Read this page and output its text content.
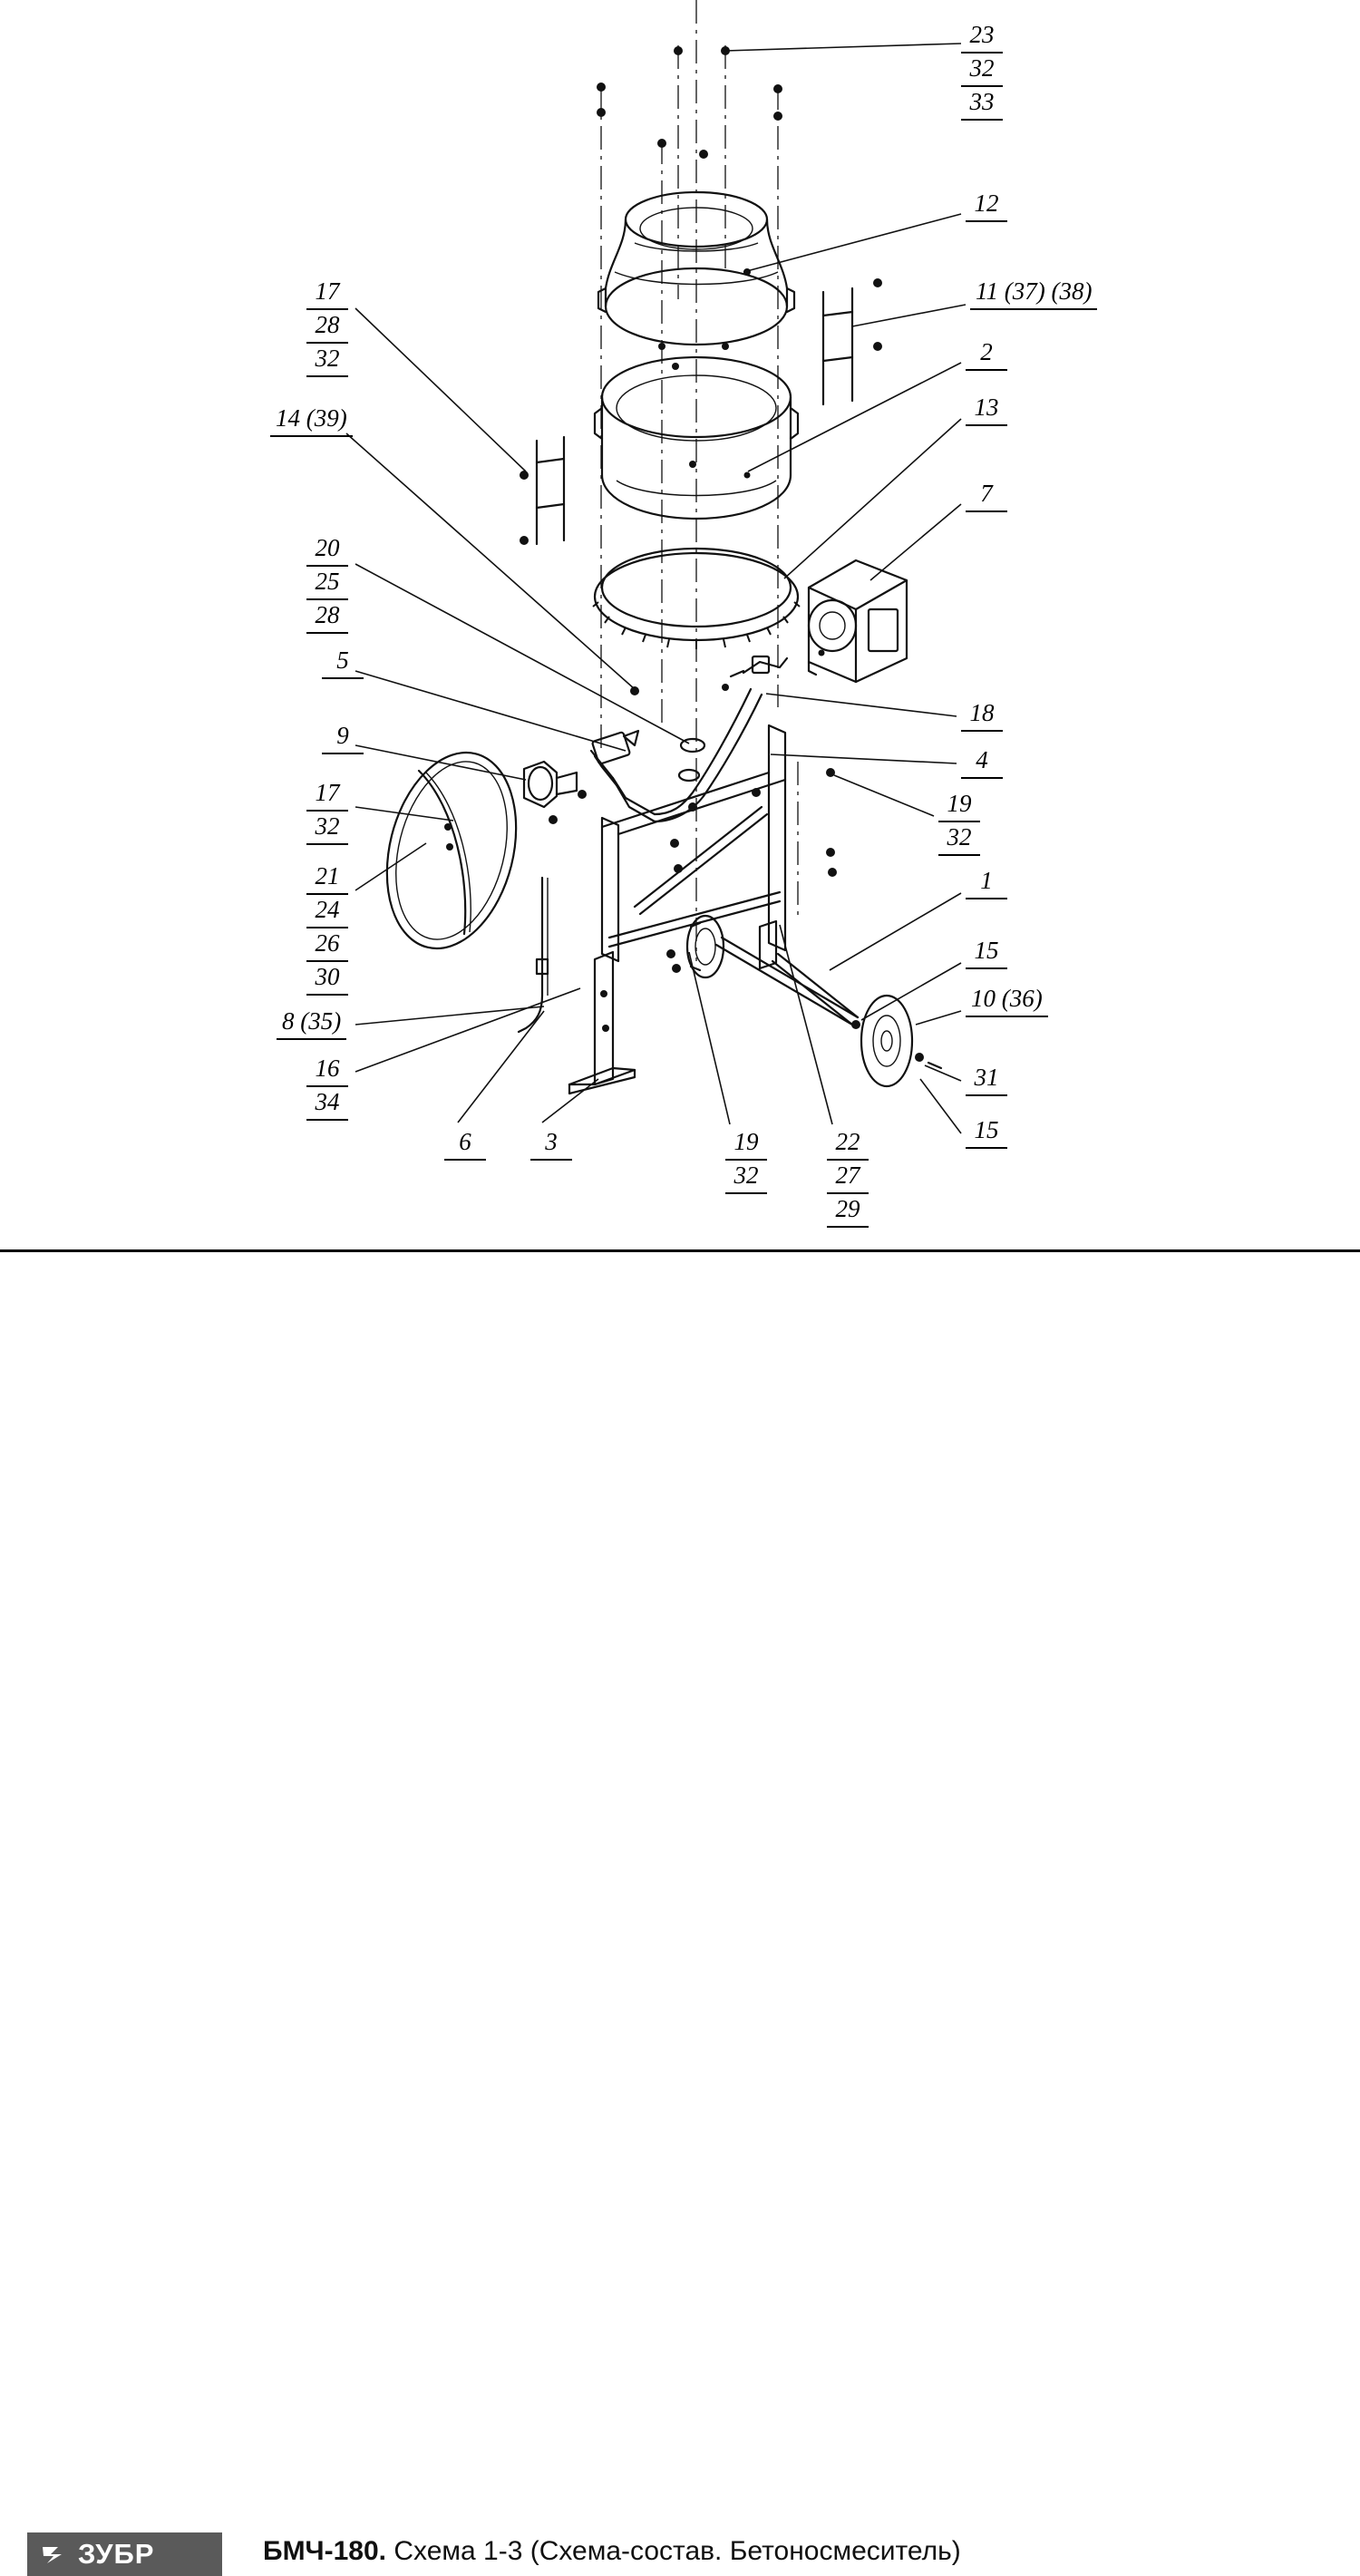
23
32
33
12
11 (37) (38)
2
13
7
18
4
19
32
1
15
10 (36)
31
15
17
28
32
14 (39)
20
25
28
5
9
17
32
21
24
26
30
8 (35)
16
34
6	3	19
32
22
27
29
ЗУБР	БМЧ-180. Схема 1-3 (Схема-состав. Бетоносмеситель)
